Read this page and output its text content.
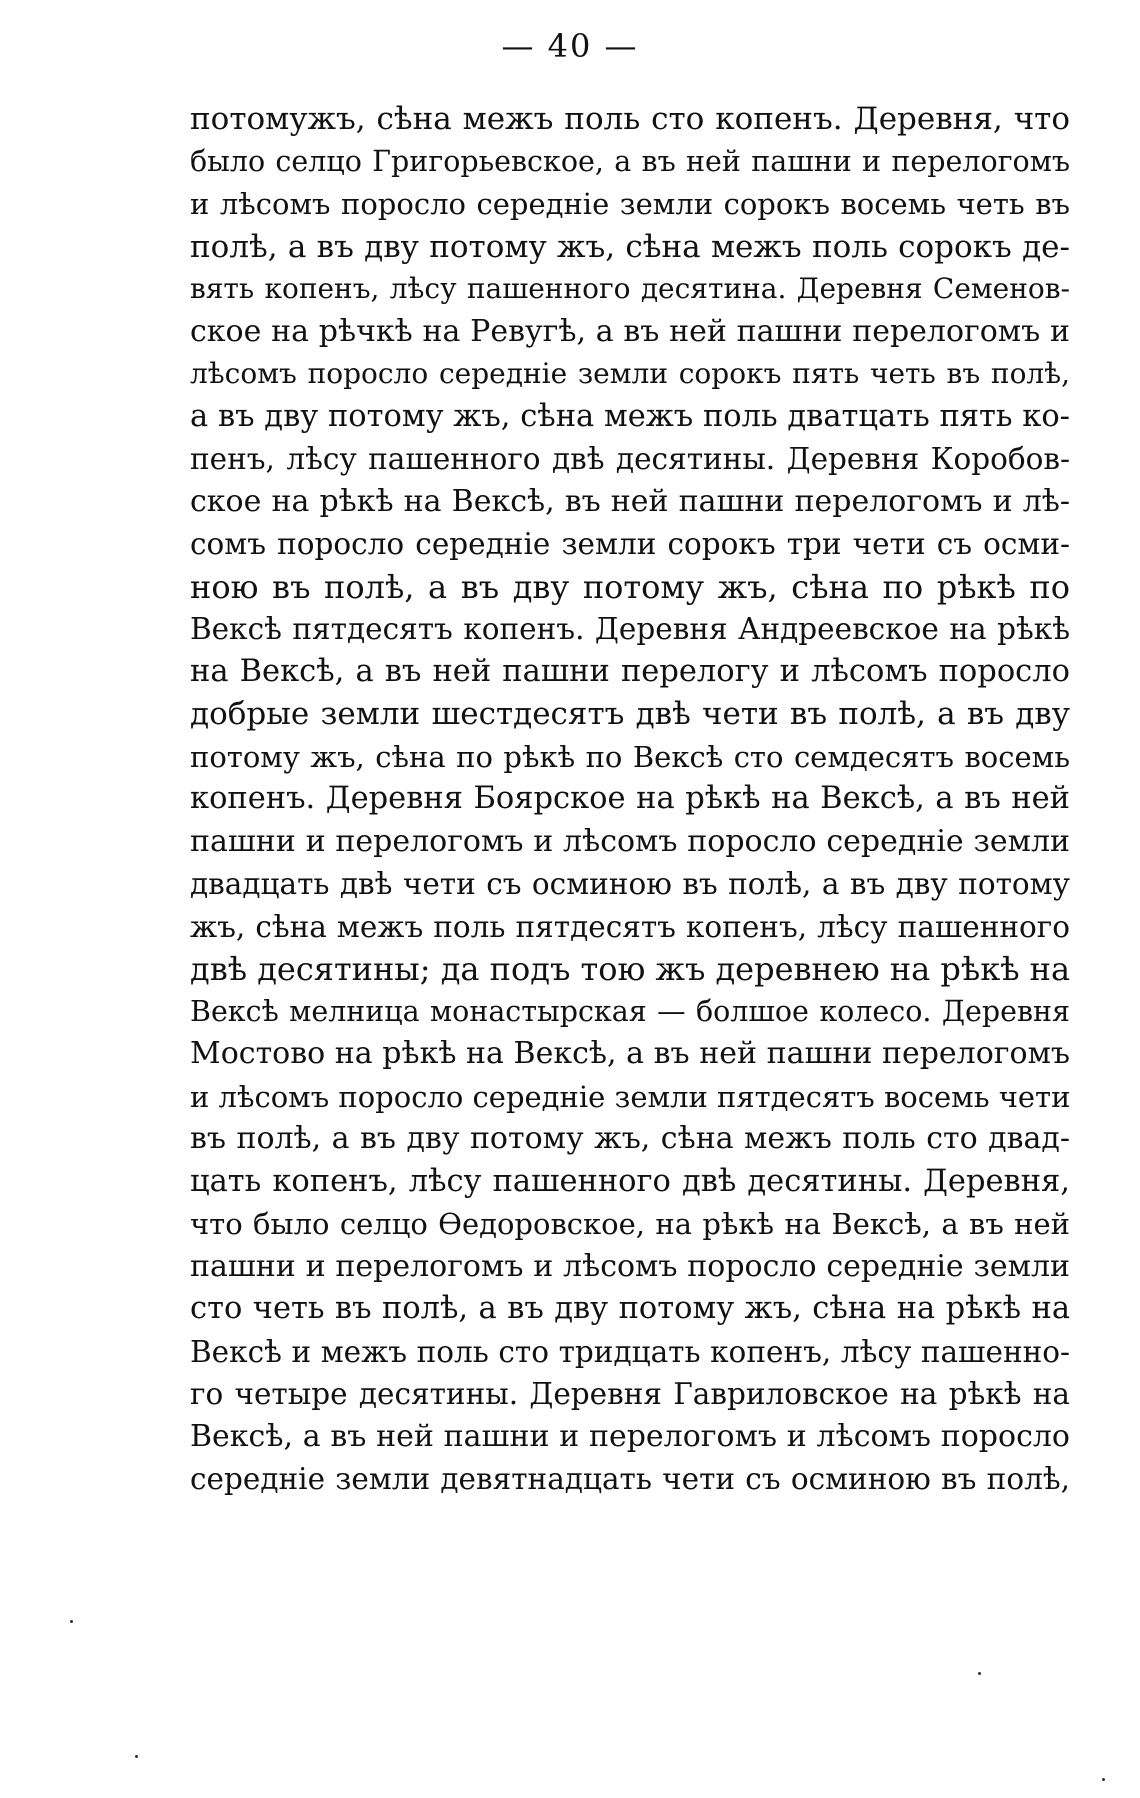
— 40 —
потомужъ, сѣна межъ поль сто копенъ. Деревня, что
было селцо Григорьевское, а въ ней пашни и перелогомъ
и лѣсомъ поросло середніе земли сорокъ восемь четь въ
полѣ, а въ дву потому жъ, сѣна межъ поль сорокъ де-
вять копенъ, лѣсу пашенного десятина. Деревня Семенов-
ское на рѣчкѣ на Ревугѣ, а въ ней пашни перелогомъ и
лѣсомъ поросло середніе земли сорокъ пять четь въ полѣ,
а въ дву потому жъ, сѣна межъ поль дватцать пять ко-
пенъ, лѣсу пашенного двѣ десятины. Деревня Коробов-
ское на рѣкѣ на Вексѣ, въ ней пашни перелогомъ и лѣ-
сомъ поросло середніе земли сорокъ три чети съ осми-
ною въ полѣ, а въ дву потому жъ, сѣна по рѣкѣ по
Вексѣ пятдесятъ копенъ. Деревня Андреевское на рѣкѣ
на Вексѣ, а въ ней пашни перелогу и лѣсомъ поросло
добрые земли шестдесятъ двѣ чети въ полѣ, а въ дву
потому жъ, сѣна по рѣкѣ по Вексѣ сто семдесятъ восемь
копенъ. Деревня Боярское на рѣкѣ на Вексѣ, а въ ней
пашни и перелогомъ и лѣсомъ поросло середніе земли
двадцать двѣ чети съ осминою въ полѣ, а въ дву потому
жъ, сѣна межъ поль пятдесятъ копенъ, лѣсу пашенного
двѣ десятины; да подъ тою жъ деревнею на рѣкѣ на
Вексѣ мелница монастырская — болшое колесо. Деревня
Мостово на рѣкѣ на Вексѣ, а въ ней пашни перелогомъ
и лѣсомъ поросло середніе земли пятдесятъ восемь чети
въ полѣ, а въ дву потому жъ, сѣна межъ поль сто двад-
цать копенъ, лѣсу пашенного двѣ десятины. Деревня,
что было селцо Өедоровское, на рѣкѣ на Вексѣ, а въ ней
пашни и перелогомъ и лѣсомъ поросло середніе земли
сто четь въ полѣ, а въ дву потому жъ, сѣна на рѣкѣ на
Вексѣ и межъ поль сто тридцать копенъ, лѣсу пашенно-
го четыре десятины. Деревня Гавриловское на рѣкѣ на
Вексѣ, а въ ней пашни и перелогомъ и лѣсомъ поросло
середніе земли девятнадцать чети съ осминою въ полѣ,
